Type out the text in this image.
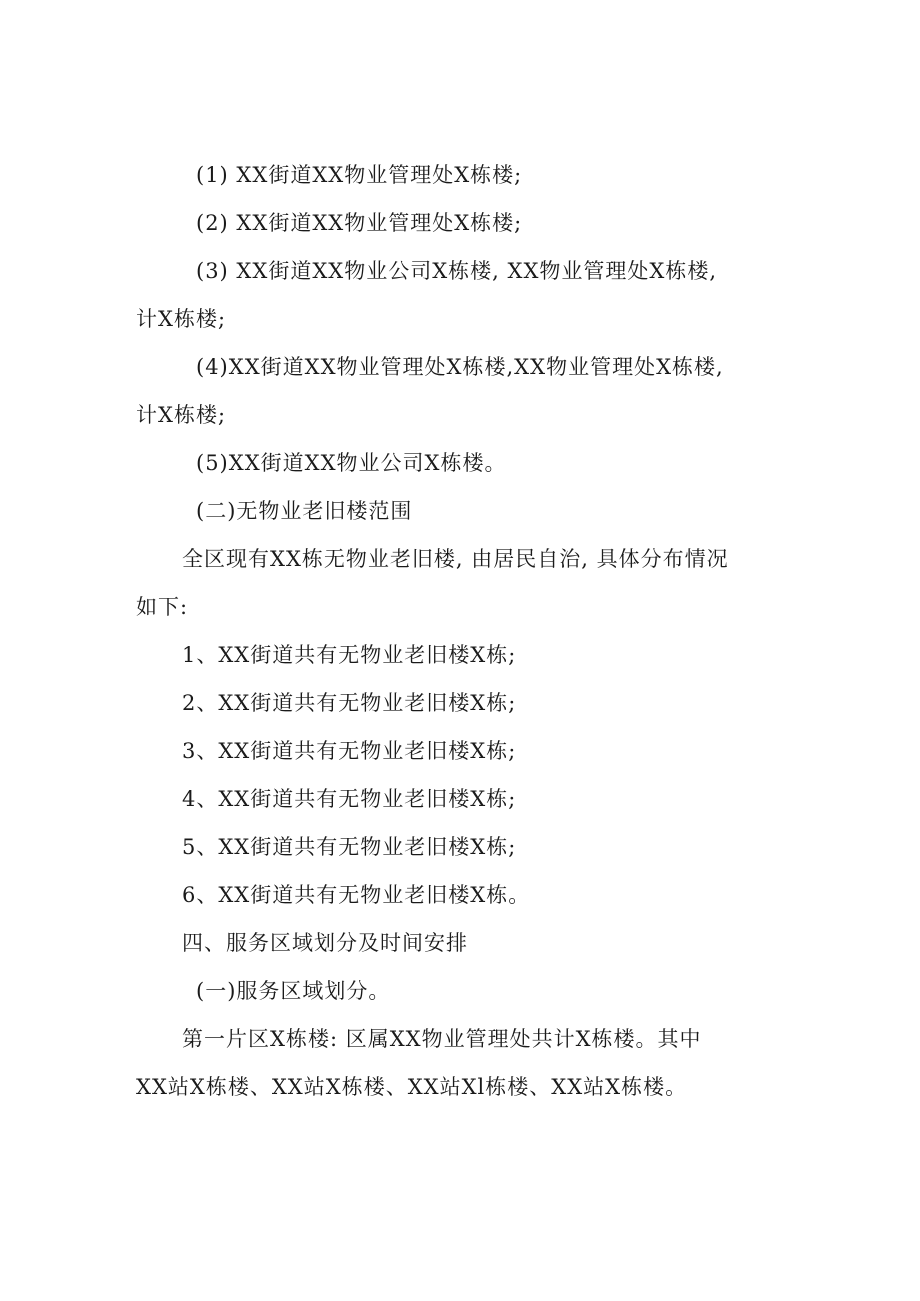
(1) XX街道XX物业管理处X栋楼;
(2) XX街道XX物业管理处X栋楼;
(3) XX街道XX物业公司X栋楼, XX物业管理处X栋楼,
计X栋楼;
(4)XX街道XX物业管理处X栋楼,XX物业管理处X栋楼,
计X栋楼;
(5)XX街道XX物业公司X栋楼。
(二)无物业老旧楼范围
全区现有XX栋无物业老旧楼, 由居民自治, 具体分布情况
如下:
1、XX街道共有无物业老旧楼X栋;
2、XX街道共有无物业老旧楼X栋;
3、XX街道共有无物业老旧楼X栋;
4、XX街道共有无物业老旧楼X栋;
5、XX街道共有无物业老旧楼X栋;
6、XX街道共有无物业老旧楼X栋。
四、服务区域划分及时间安排
(一)服务区域划分。
第一片区X栋楼: 区属XX物业管理处共计X栋楼。其中
XX站X栋楼、XX站X栋楼、XX站Xl栋楼、XX站X栋楼。
